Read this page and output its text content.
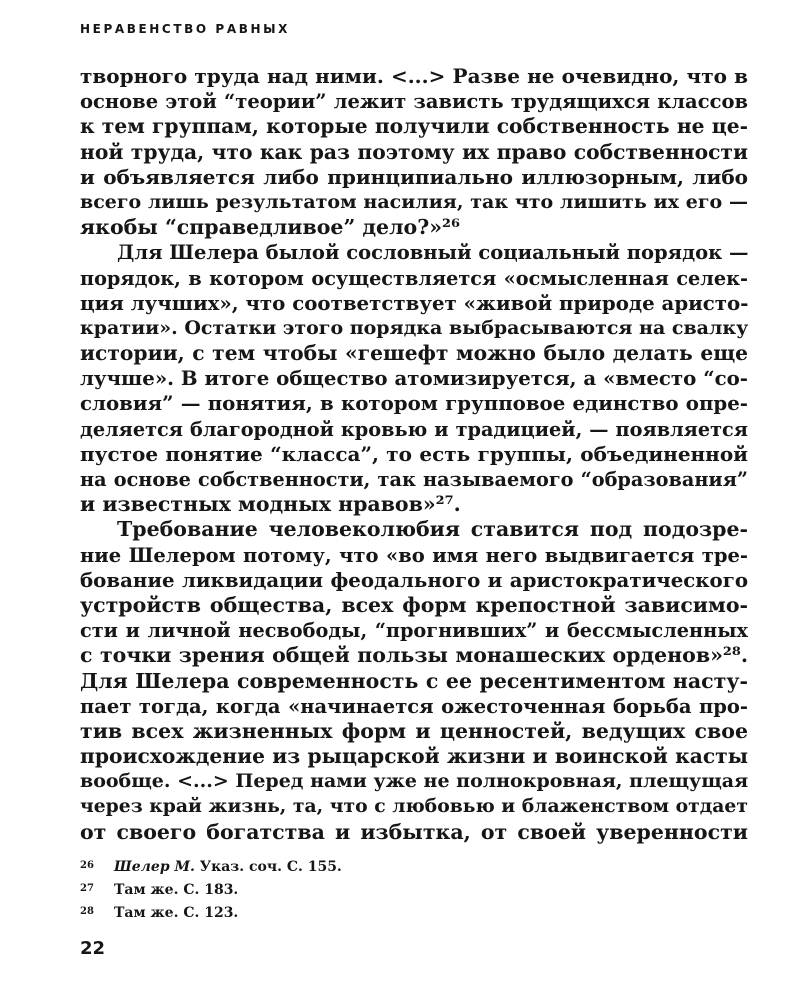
НЕРАВЕНСТВО РАВНЫХ
творного труда над ними. <...> Разве не очевидно, что в
основе этой “теории” лежит зависть трудящихся классов
к тем группам, которые получили собственность не це-
ной труда, что как раз поэтому их право собственности
и объявляется либо принципиально иллюзорным, либо
всего лишь результатом насилия, так что лишить их его —
якобы “справедливое” дело?»²⁶
Для Шелера былой сословный социальный порядок —
порядок, в котором осуществляется «осмысленная селек-
ция лучших», что соответствует «живой природе аристо-
кратии». Остатки этого порядка выбрасываются на свалку
истории, с тем чтобы «гешефт можно было делать еще
лучше». В итоге общество атомизируется, а «вместо “со-
словия” — понятия, в котором групповое единство опре-
деляется благородной кровью и традицией, — появляется
пустое понятие “класса”, то есть группы, объединенной
на основе собственности, так называемого “образования”
и известных модных нравов»²⁷.
Требование человеколюбия ставится под подозре-
ние Шелером потому, что «во имя него выдвигается тре-
бование ликвидации феодального и аристократического
устройств общества, всех форм крепостной зависимо-
сти и личной несвободы, “прогнивших” и бессмысленных
с точки зрения общей пользы монашеских орденов»²⁸.
Для Шелера современность с ее ресентиментом насту-
пает тогда, когда «начинается ожесточенная борьба про-
тив всех жизненных форм и ценностей, ведущих свое
происхождение из рыцарской жизни и воинской касты
вообще. <...> Перед нами уже не полнокровная, плещущая
через край жизнь, та, что с любовью и блаженством отдает
от своего богатства и избытка, от своей уверенности
26 Шелер М. Указ. соч. С. 155.
27 Там же. С. 183.
28 Там же. С. 123.
22
